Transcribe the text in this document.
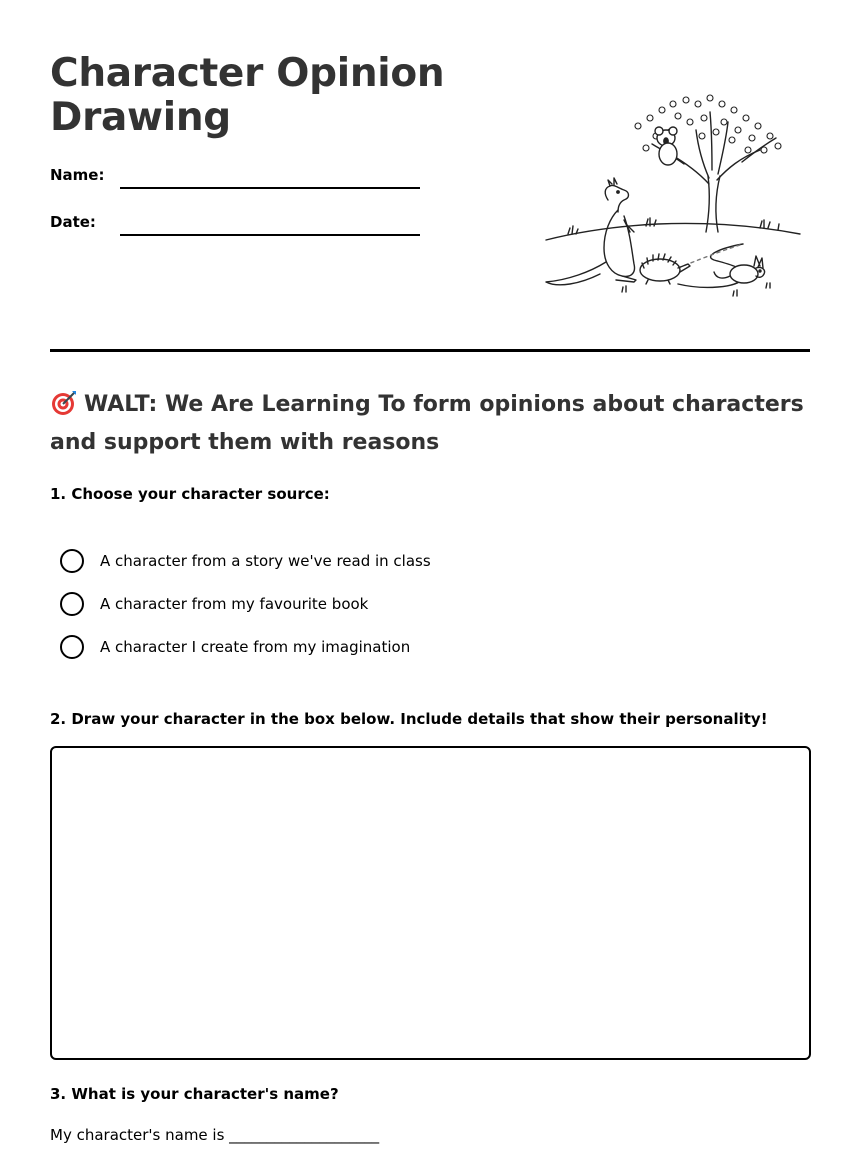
Character Opinion Drawing
Name:
Date:
WALT: We Are Learning To form opinions about characters and support them with reasons
1. Choose your character source:
A character from a story we've read in class
A character from my favourite book
A character I create from my imagination
2. Draw your character in the box below. Include details that show their personality!
3. What is your character's name?
My character's name is ____________________
